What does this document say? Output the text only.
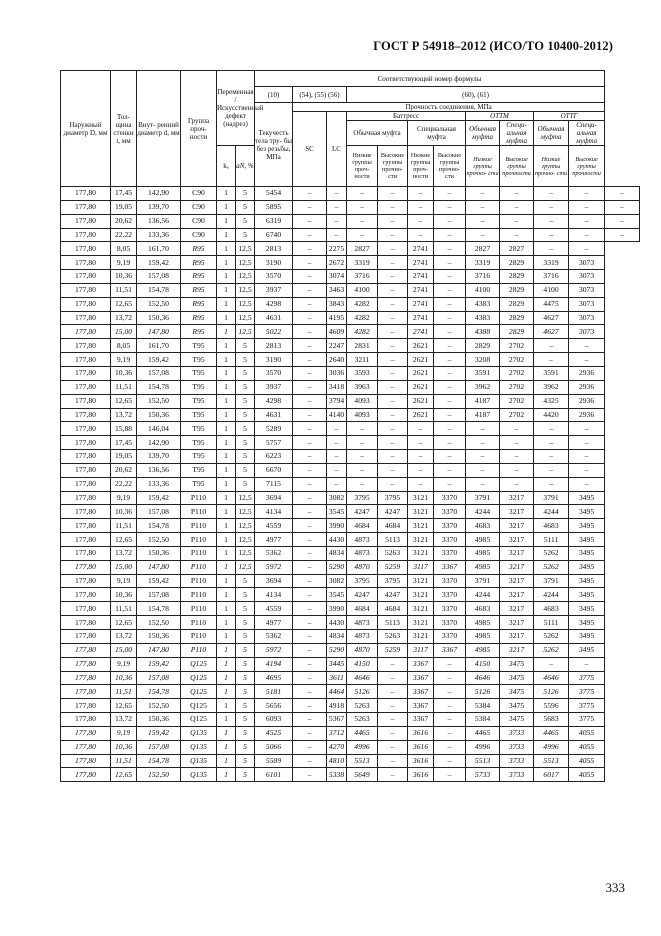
ГОСТ Р 54918–2012 (ИСО/ТО 10400-2012)
Наружный диаметр D, мм	Тол- щина стенки t, мм	Внут- ренний диаметр d, мм	Группа проч- ности	Переменная /Искусственный дефект (надрез)		Соответствующий номер формулы											
						(10)	(54), (55) (56)		(60), (61)								
						Текучесть тела тру- бы без резьбы, МПа	Прочность соединения, МПа										
							SC	LC	Баттресс				ОТТМ		ОТТГ		
									Обычная муфта		Специальная муфта		Обычная муфта	Специ- альная муфта	Обычная муфта	Специ- альная муфта	
				kₐ	aN, %				Низкие группы проч- ности	Высокие группы прочно- сти	Низкие группы проч- ности	Высокие группы прочно- сти	Низкие группы прочно- сти	Высокие группы прочности	Низкие группы прочно- сти	Высокие группы прочности	
177,80	17,45	142,90	C90	1	5	5454	–	–	–	–	–	–	–	–	–	–	–
177,80	19,05	139,70	C90	1	5	5895	–	–	–	–	–	–	–	–	–	–	–
177,80	20,62	136,56	C90	1	5	6319	–	–	–	–	–	–	–	–	–	–	–
177,80	22,22	133,36	C90	1	5	6740	–	–	–	–	–	–	–	–	–	–	–
177,80	8,05	161,70	R95	1	12,5	2813	–	2275	2827	–	2741	–	2827	2827	–	–	
177,80	9,19	159,42	R95	1	12,5	3190	–	2672	3319	–	2741	–	3319	2829	3319	3073	
177,80	10,36	157,08	R95	1	12,5	3570	–	3074	3716	–	2741	–	3716	2829	3716	3073	
177,80	11,51	154,78	R95	1	12,5	3937	–	3463	4100	–	2741	–	4100	2829	4100	3073	
177,80	12,65	152,50	R95	1	12,5	4298	–	3843	4282	–	2741	–	4383	2829	4475	3073	
177,80	13,72	150,36	R95	1	12,5	4631	–	4195	4282	–	2741	–	4383	2829	4627	3073	
177,80	15,00	147,80	R95	1	12,5	5022	–	4609	4282	–	2741	–	4388	2829	4627	3073	
177,80	8,05	161,70	T95	1	5	2813	–	2247	2831	–	2621	–	2829	2702	–	–	
177,80	9,19	159,42	T95	1	5	3190	–	2640	3211	–	2621	–	3208	2702	–	–	
177,80	10,36	157,08	T95	1	5	3570	–	3036	3593	–	2621	–	3591	2702	3591	2936	
177,80	11,51	154,78	T95	1	5	3937	–	3418	3963	–	2621	–	3962	2702	3962	2936	
177,80	12,65	152,50	T95	1	5	4298	–	3794	4093	–	2621	–	4187	2702	4325	2936	
177,80	13,72	150,36	T95	1	5	4631	–	4140	4093	–	2621	–	4187	2702	4420	2936	
177,80	15,88	146,04	T95	1	5	5289	–	–	–	–	–	–	–	–	–	–	
177,80	17,45	142,90	T95	1	5	5757	–	–	–	–	–	–	–	–	–	–	
177,80	19,05	139,70	T95	1	5	6223	–	–	–	–	–	–	–	–	–	–	
177,80	20,62	136,56	T95	1	5	6670	–	–	–	–	–	–	–	–	–	–	
177,80	22,22	133,36	T95	1	5	7115	–	–	–	–	–	–	–	–	–	–	
177,80	9,19	159,42	P110	1	12,5	3694	–	3082	3795	3795	3121	3370	3791	3217	3791	3495	
177,80	10,36	157,08	P110	1	12,5	4134	–	3545	4247	4247	3121	3370	4244	3217	4244	3495	
177,80	11,51	154,78	P110	1	12,5	4559	–	3990	4684	4684	3121	3370	4683	3217	4683	3495	
177,80	12,65	152,50	P110	1	12,5	4977	–	4430	4873	5113	3121	3370	4985	3217	5111	3495	
177,80	13,72	150,36	P110	1	12,5	5362	–	4834	4873	5263	3121	3370	4985	3217	5262	3495	
177,80	15,00	147,80	P110	1	12,5	5972	–	5290	4870	5259	3117	3367	4985	3217	5262	3495	
177,80	9,19	159,42	P110	1	5	3694	–	3082	3795	3795	3121	3370	3791	3217	3791	3495	
177,80	10,36	157,08	P110	1	5	4134	–	3545	4247	4247	3121	3370	4244	3217	4244	3495	
177,80	11,51	154,78	P110	1	5	4559	–	3990	4684	4684	3121	3370	4683	3217	4683	3495	
177,80	12,65	152,50	P110	1	5	4977	–	4430	4873	5113	3121	3370	4985	3217	5111	3495	
177,80	13,72	150,36	P110	1	5	5362	–	4834	4873	5263	3121	3370	4985	3217	5262	3495	
177,80	15,00	147,80	P110	1	5	5972	–	5290	4870	5259	3117	3367	4985	3217	5262	3495	
177,80	9,19	159,42	Q125	1	5	4194	–	3445	4150	–	3367	–	4150	3475	–	–	
177,80	10,36	157,08	Q125	1	5	4695	–	3611	4646	–	3367	–	4646	3475	4646	3775	
177,80	11,51	154,78	Q125	1	5	5181	–	4464	5126	–	3367	–	5126	3475	5126	3775	
177,80	12,65	152,50	Q125	1	5	5656	–	4918	5263	–	3367	–	5384	3475	5596	3775	
177,80	13,72	150,36	Q125	1	5	6093	–	5367	5263	–	3367	–	5384	3475	5683	3775	
177,80	9,19	159,42	Q135	1	5	4525	–	3712	4465	–	3616	–	4465	3733	4465	4055	
177,80	10,36	157,08	Q135	1	5	5066	–	4270	4996	–	3616	–	4996	3733	4996	4055	
177,80	11,51	154,78	Q135	1	5	5589	–	4810	5513	–	3616	–	5513	3733	5513	4055	
177,80	12,65	152,50	Q135	1	5	6101	–	5338	5649	–	3616	–	5733	3733	6017	4055	
333
